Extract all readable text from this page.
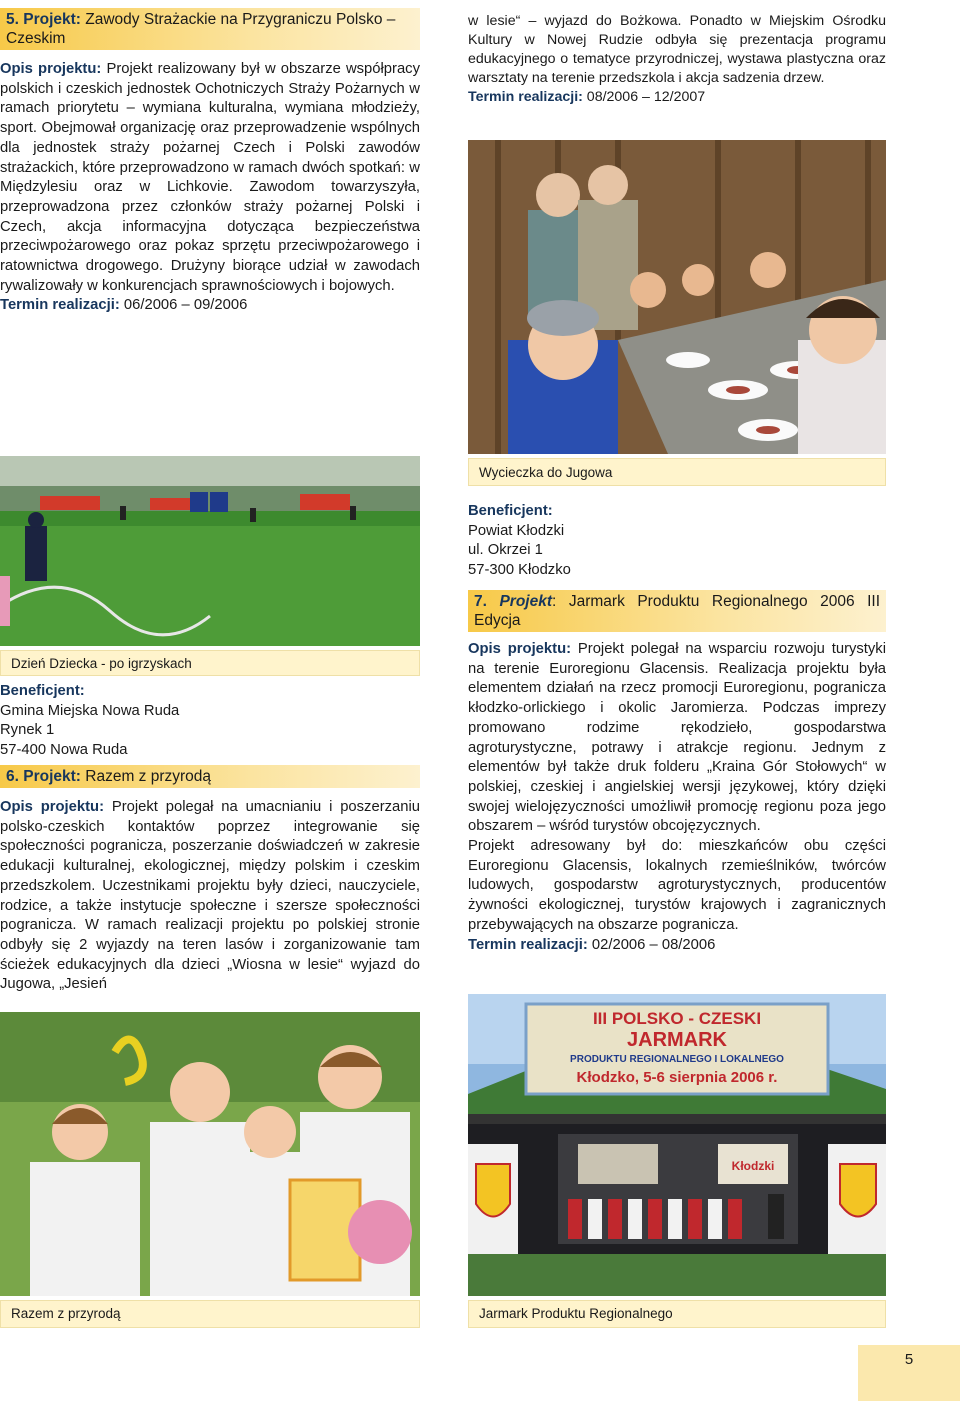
5. Projekt: Zawody Strażackie na Przygraniczu Polsko – Czeskim

Opis projektu: Projekt realizowany był w obszarze współpracy polskich i czeskich jednostek Ochotniczych Straży Pożarnych w ramach priorytetu – wymiana kulturalna, wymiana młodzieży, sport. Obejmował organizację oraz przeprowadzenie wspólnych dla jednostek straży pożarnej Czech i Polski zawodów strażackich, które przeprowadzono w ramach dwóch spotkań: w Międzylesiu oraz w Lichkovie. Zawodom towarzyszyła, przeprowadzona przez członków straży pożarnej Polski i Czech, akcja informacyjna dotycząca bezpieczeństwa przeciwpożarowego oraz pokaz sprzętu przeciwpożarowego i ratownictwa drogowego. Drużyny biorące udział w zawodach rywalizowały w konkurencjach sprawnościowych i bojowych.
Termin realizacji: 06/2006 – 09/2006

Dzień Dziecka - po igrzyskach
Beneficjent:
Gmina Miejska Nowa Ruda
Rynek 1
57-400 Nowa Ruda
6. Projekt: Razem z przyrodą

Opis projektu: Projekt polegał na umacnianiu i poszerzaniu polsko-czeskich kontaktów poprzez integrowanie się społeczności pogranicza, poszerzanie doświadczeń w zakresie edukacji kulturalnej, ekologicznej, między polskim i czeskim przedszkolem. Uczestnikami projektu były dzieci, nauczyciele, rodzice, a także instytucje społeczne i szersze społeczności pogranicza. W ramach realizacji projektu po polskiej stronie odbyły się 2 wyjazdy na teren lasów i zorganizowanie tam ścieżek edukacyjnych dla dzieci „Wiosna w lesie“ wyjazd do Jugowa, „Jesień

Razem z przyrodą

w lesie“ – wyjazd do Bożkowa. Ponadto w Miejskim Ośrodku Kultury w Nowej Rudzie odbyła się prezentacja programu edukacyjnego o tematyce przyrodniczej, wystawa plastyczna oraz warsztaty na terenie przedszkola i akcja sadzenia drzew.
Termin realizacji: 08/2006 – 12/2007

Wycieczka do Jugowa
Beneficjent:
Powiat Kłodzki
ul. Okrzei 1
57-300 Kłodzko
7. Projekt: Jarmark Produktu Regionalnego 2006 III Edycja

Opis projektu: Projekt polegał na wsparciu rozwoju turystyki na terenie Euroregionu Glacensis. Realizacja projektu była elementem działań na rzecz promocji Euroregionu, pogranicza kłodzko-orlickiego i okolic Jaromierza. Podczas imprezy promowano rodzime rękodzieło, gospodarstwa agroturystyczne, potrawy i atrakcje regionu. Jednym z elementów był także druk folderu „Kraina Gór Stołowych“ w polskiej, czeskiej i angielskiej wersji językowej, który dzięki swojej wielojęzyczności umożliwił promocję regionu poza jego obszarem – wśród turystów obcojęzycznych.

Projekt adresowany był do: mieszkańców obu części Euroregionu Glacensis, lokalnych rzemieślników, twórców ludowych, gospodarstw agroturystycznych, producentów żywności ekologicznej, turystów krajowych i zagranicznych przebywających na obszarze pogranicza.
Termin realizacji: 02/2006 – 08/2006

III POLSKO - CZESKI
JARMARK
PRODUKTU REGIONALNEGO I LOKALNEGO
Kłodzko, 5-6 sierpnia 2006 r.
Kłodzki
Jarmark Produktu Regionalnego
5
